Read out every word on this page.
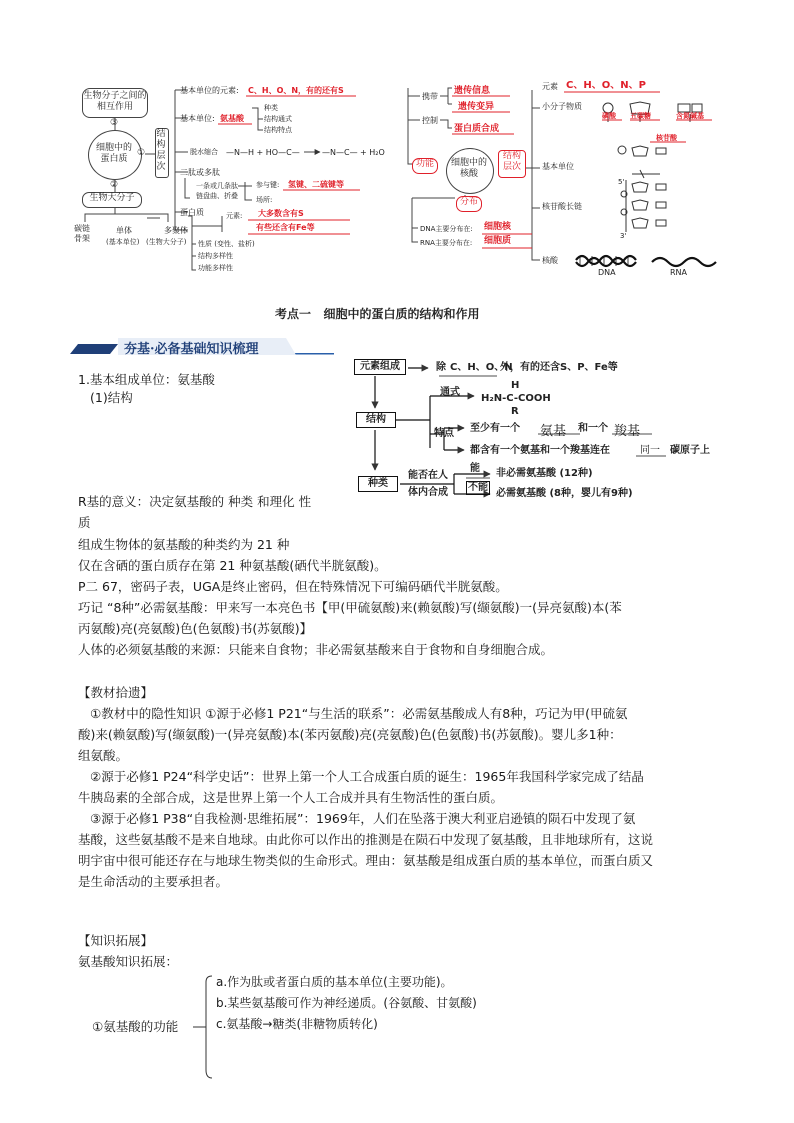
生物分子之间的相互作用
③
细胞中的蛋白质
①
②
结构层次
生物大分子
碳链骨架
单体
(基本单位)
多聚体
(生物大分子)
基本单位的元素: C、H、O、N，有的还有S
基本单位: 氨基酸
种类
结构通式
结构特点
脱水缩合 —N—H + HO—C—	—N—C— + H₂O
二肽或多肽
一条或几条肽
链盘曲、折叠
参与键: 氢键、二硫键等
场所:
蛋白质	元素: 大多数含有S
有些还含有Fe等
性质 (变性、盐析)
结构多样性
功能多样性
元素 C、H、O、N、P
小分子物质
磷酸 五碳糖	含氮碱基
核苷酸
携带
遗传信息
遗传变异
控制
蛋白质合成
功能	细胞中的核酸
结构层次	基本单位
核苷酸长链
分布
DNA主要分布在: 细胞核
RNA主要分布在: 细胞质
核酸
DNA	RNA
5'
3'
考点一   细胞中的蛋白质的结构和作用
夯基·必备基础知识梳理
1.基本组成单位：氨基酸
(1)结构
元素组成	除 C、H、O、N
外，有的还含S、P、Fe等
结构
通式
H
H₂N-C-COOH
R
特点 至少有一个 氨基 和一个 羧基
都含有一个氨基和一个羧基连在	同一 碳原子上
种类
能否在人
体内合成
能
不能
非必需氨基酸 (12种)
必需氨基酸 (8种，婴儿有9种)
R基的意义：决定氨基酸的 种类 和理化 性
质
组成生物体的氨基酸的种类约为 21 种
仅在含硒的蛋白质存在第 21 种氨基酸(硒代半胱氨酸)。
P二 67，密码子表，UGA是终止密码，但在特殊情况下可编码硒代半胱氨酸。
巧记 “8种”必需氨基酸：甲来写一本亮色书【甲(甲硫氨酸)来(赖氨酸)写(缬氨酸)一(异亮氨酸)本(苯
丙氨酸)亮(亮氨酸)色(色氨酸)书(苏氨酸)】
人体的必须氨基酸的来源：只能来自食物；非必需氨基酸来自于食物和自身细胞合成。
【教材拾遗】
①教材中的隐性知识 ①源于必修1 P21“与生活的联系”：必需氨基酸成人有8种，巧记为甲(甲硫氨
酸)来(赖氨酸)写(缬氨酸)一(异亮氨酸)本(苯丙氨酸)亮(亮氨酸)色(色氨酸)书(苏氨酸)。婴儿多1种：
组氨酸。
②源于必修1 P24“科学史话”：世界上第一个人工合成蛋白质的诞生：1965年我国科学家完成了结晶
牛胰岛素的全部合成，这是世界上第一个人工合成并具有生物活性的蛋白质。
③源于必修1 P38“自我检测·思维拓展”：1969年，人们在坠落于澳大利亚启逊镇的陨石中发现了氨
基酸，这些氨基酸不是来自地球。由此你可以作出的推测是在陨石中发现了氨基酸，且非地球所有，这说
明宇宙中很可能还存在与地球生物类似的生命形式。理由：氨基酸是组成蛋白质的基本单位，而蛋白质又
是生命活动的主要承担者。
【知识拓展】
氨基酸知识拓展：
①氨基酸的功能
a.作为肽或者蛋白质的基本单位(主要功能)。
b.某些氨基酸可作为神经递质。(谷氨酸、甘氨酸)
c.氨基酸→糖类(非糖物质转化)
